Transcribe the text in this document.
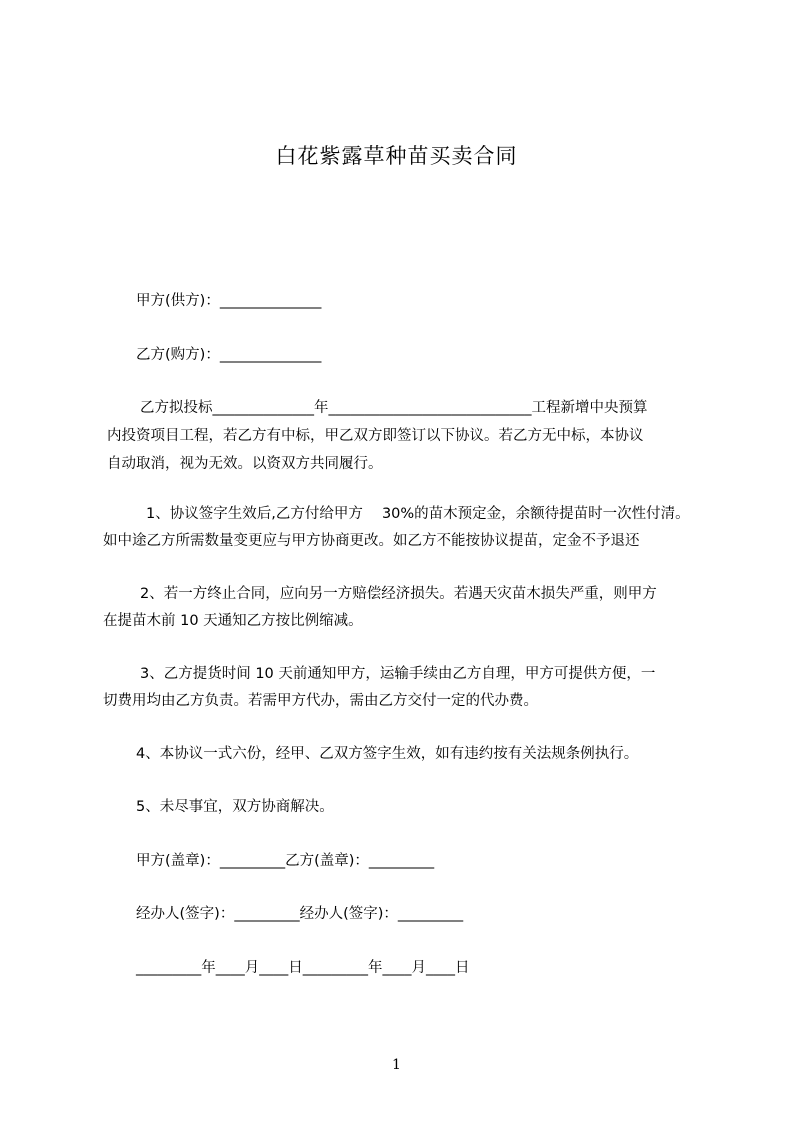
白花紫露草种苗买卖合同
甲方(供方)：______________
乙方(购方)：______________
乙方拟投标______________年____________________________工程新增中央预算
内投资项目工程，若乙方有中标，甲乙双方即签订以下协议。若乙方无中标，本协议
自动取消，视为无效。以资双方共同履行。
1、协议签字生效后,乙方付给甲方　 30%的苗木预定金，余额待提苗时一次性付清。
如中途乙方所需数量变更应与甲方协商更改。如乙方不能按协议提苗，定金不予退还
2、若一方终止合同，应向另一方赔偿经济损失。若遇天灾苗木损失严重，则甲方
在提苗木前 10 天通知乙方按比例缩减。
3、乙方提货时间 10 天前通知甲方，运输手续由乙方自理，甲方可提供方便，一
切费用均由乙方负责。若需甲方代办，需由乙方交付一定的代办费。
4、本协议一式六份，经甲、乙双方签字生效，如有违约按有关法规条例执行。
5、未尽事宜，双方协商解决。
甲方(盖章)：_________乙方(盖章)：_________
经办人(签字)：_________经办人(签字)：_________
_________年____月____日_________年____月____日
1
